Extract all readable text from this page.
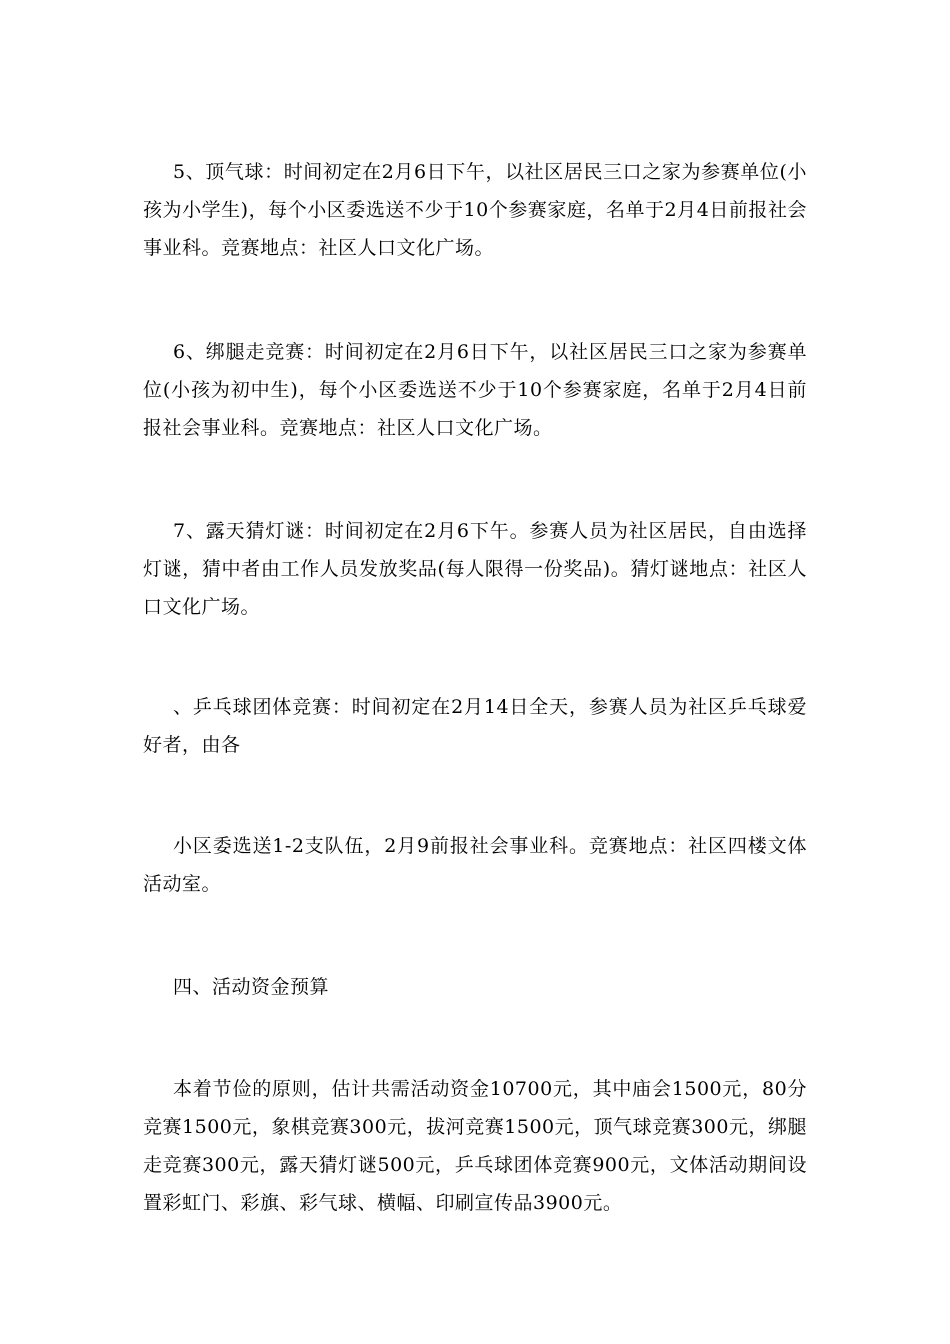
5、顶气球：时间初定在2月6日下午，以社区居民三口之家为参赛单位(小孩为小学生)，每个小区委选送不少于10个参赛家庭，名单于2月4日前报社会事业科。竞赛地点：社区人口文化广场。

6、绑腿走竞赛：时间初定在2月6日下午，以社区居民三口之家为参赛单位(小孩为初中生)，每个小区委选送不少于10个参赛家庭，名单于2月4日前报社会事业科。竞赛地点：社区人口文化广场。

7、露天猜灯谜：时间初定在2月6下午。参赛人员为社区居民，自由选择灯谜，猜中者由工作人员发放奖品(每人限得一份奖品)。猜灯谜地点：社区人口文化广场。

、乒乓球团体竞赛：时间初定在2月14日全天，参赛人员为社区乒乓球爱好者，由各

小区委选送1-2支队伍，2月9前报社会事业科。竞赛地点：社区四楼文体活动室。

四、活动资金预算

本着节俭的原则，估计共需活动资金10700元，其中庙会1500元，80分竞赛1500元，象棋竞赛300元，拔河竞赛1500元，顶气球竞赛300元，绑腿走竞赛300元，露天猜灯谜500元，乒乓球团体竞赛900元，文体活动期间设置彩虹门、彩旗、彩气球、横幅、印刷宣传品3900元。
